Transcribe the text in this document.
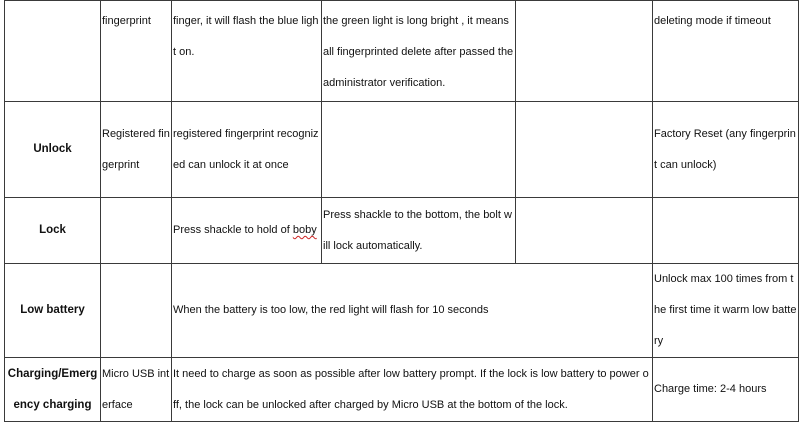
	fingerprint	finger, it will flash the blue light on.	the green light is long bright , it means all fingerprinted delete after passed the administrator verification.		deleting mode if timeout
Unlock	Registered fingerprint	registered fingerprint recognized can unlock it at once			Factory Reset (any fingerprint can unlock)
Lock		Press shackle to hold of boby	Press shackle to the bottom, the bolt will lock automatically.		
Low battery		When the battery is too low, the red light will flash for 10 seconds			Unlock max 100 times from the first time it warm low battery
Charging/Emergency charging	Micro USB interface	It need to charge as soon as possible after low battery prompt. If the lock is low battery to power off, the lock can be unlocked after charged by Micro USB at the bottom of the lock.			Charge time: 2-4 hours
